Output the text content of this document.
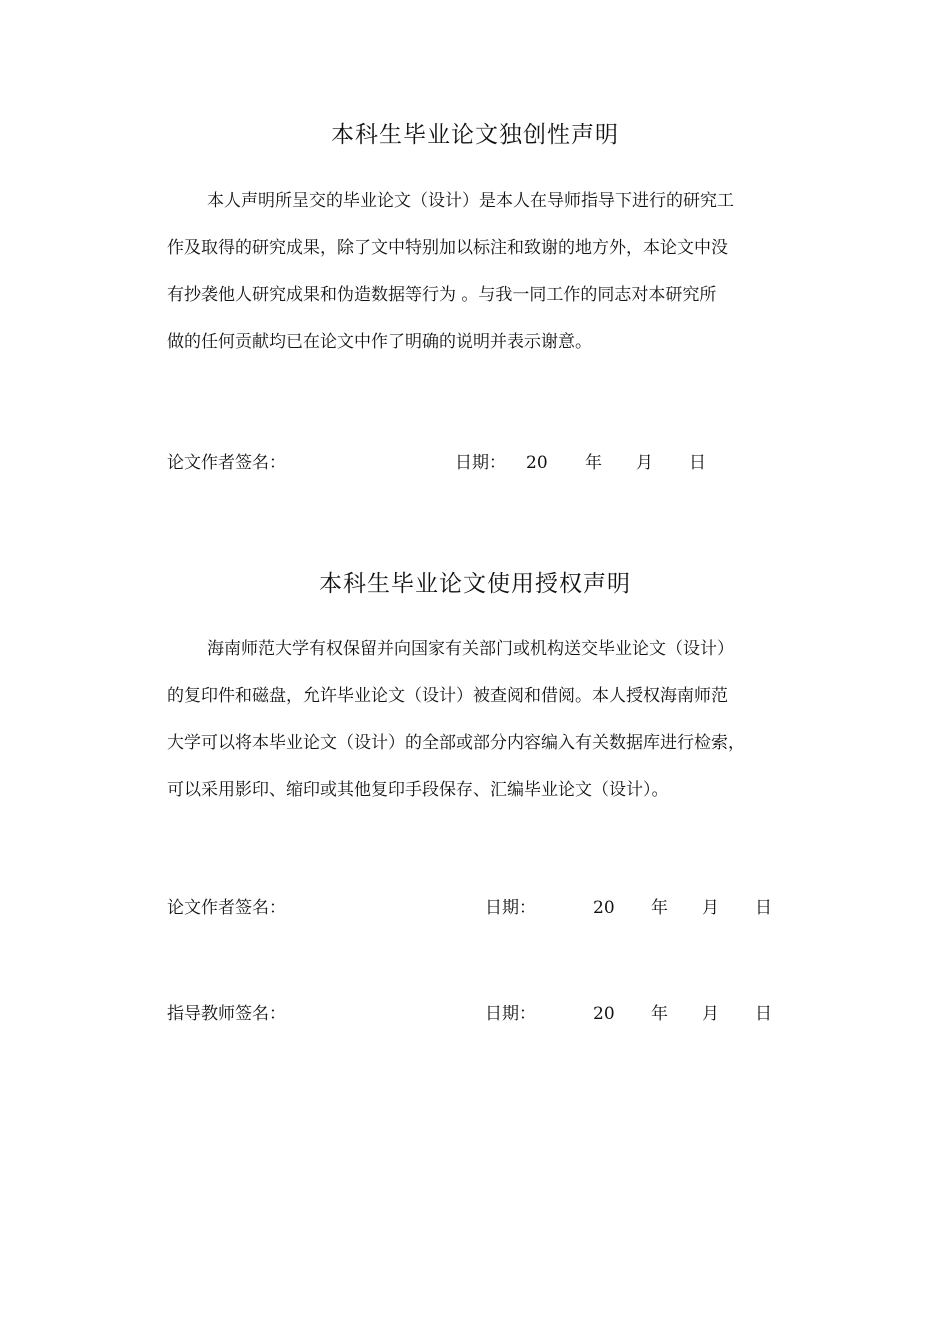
本科生毕业论文独创性声明
本人声明所呈交的毕业论文（设计）是本人在导师指导下进行的研究工
作及取得的研究成果，除了文中特别加以标注和致谢的地方外，本论文中没
有抄袭他人研究成果和伪造数据等行为 。与我一同工作的同志对本研究所
做的任何贡献均已在论文中作了明确的说明并表示谢意。
论文作者签名：	日期： 20 年 月 日
本科生毕业论文使用授权声明
海南师范大学有权保留并向国家有关部门或机构送交毕业论文（设计）
的复印件和磁盘，允许毕业论文（设计）被查阅和借阅。本人授权海南师范
大学可以将本毕业论文（设计）的全部或部分内容编入有关数据库进行检索，
可以采用影印、缩印或其他复印手段保存、汇编毕业论文（设计）。
论文作者签名：	日期：	20 年 月 日
指导教师签名：	日期：	20 年 月 日
